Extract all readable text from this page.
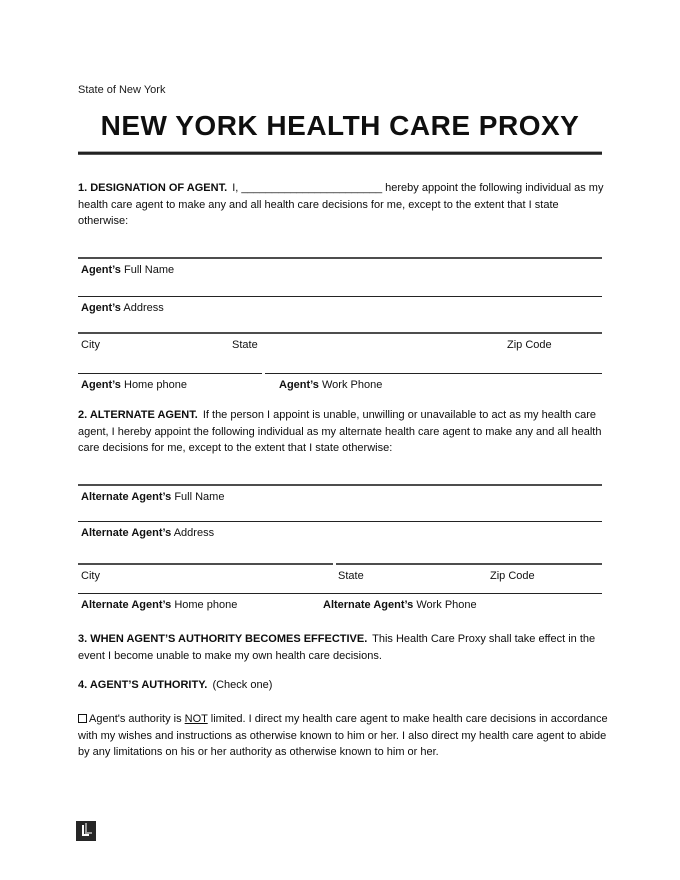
State of New York
NEW YORK HEALTH CARE PROXY

1. DESIGNATION OF AGENT. I, _______________________ hereby appoint the following individual as my health care agent to make any and all health care decisions for me, except to the extent that I state otherwise:

Agent’s Full Name
Agent’s Address
City	State	Zip Code
Agent’s Home phone	Agent’s Work Phone

2. ALTERNATE AGENT. If the person I appoint is unable, unwilling or unavailable to act as my health care agent, I hereby appoint the following individual as my alternate health care agent to make any and all health care decisions for me, except to the extent that I state otherwise:

Alternate Agent’s Full Name
Alternate Agent’s Address
City	State	Zip Code
Alternate Agent’s Home phone	Alternate Agent’s Work Phone

3. WHEN AGENT’S AUTHORITY BECOMES EFFECTIVE. This Health Care Proxy shall take effect in the event I become unable to make my own health care decisions.

4. AGENT’S AUTHORITY. (Check one)

Agent's authority is NOT limited. I direct my health care agent to make health care decisions in accordance with my wishes and instructions as otherwise known to him or her. I also direct my health care agent to abide by any limitations on his or her authority as otherwise known to him or her.
